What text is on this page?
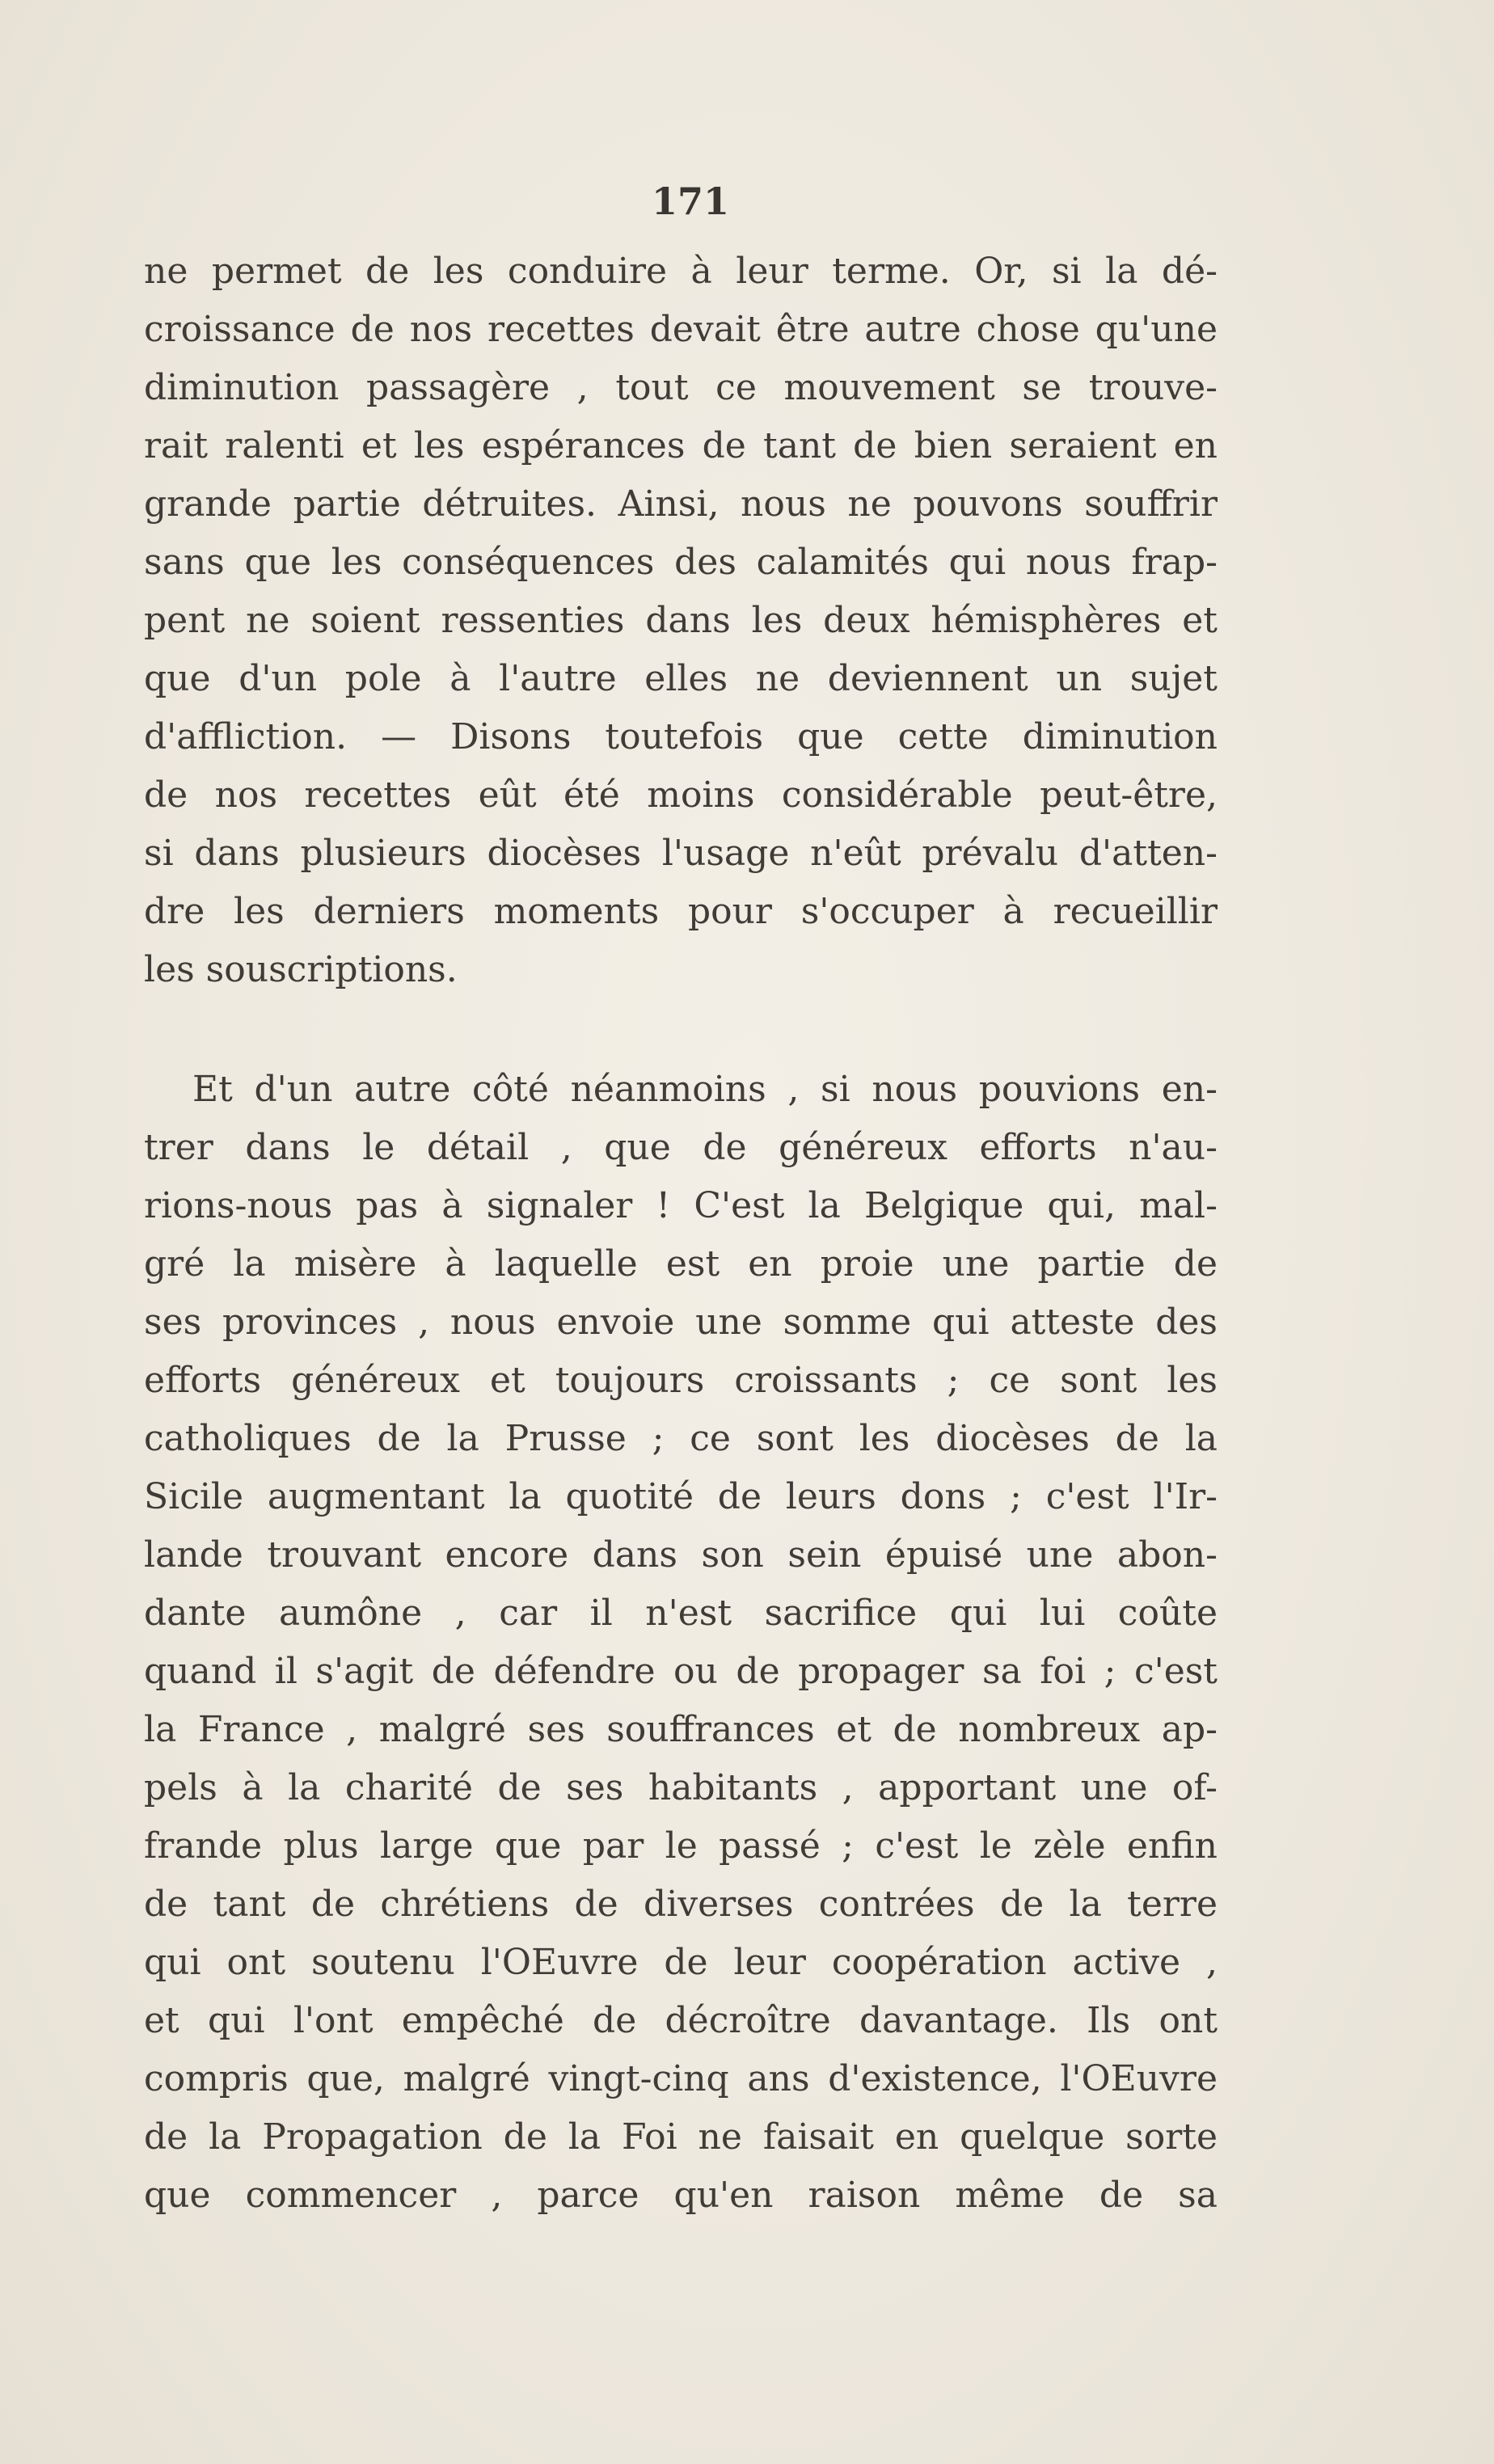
171
ne permet de les conduire à leur terme. Or, si la dé-
croissance de nos recettes devait être autre chose qu'une
diminution passagère , tout ce mouvement se trouve-
rait ralenti et les espérances de tant de bien seraient en
grande partie détruites. Ainsi, nous ne pouvons souffrir
sans que les conséquences des calamités qui nous frap-
pent ne soient ressenties dans les deux hémisphères et
que d'un pole à l'autre elles ne deviennent un sujet
d'affliction. — Disons toutefois que cette diminution
de nos recettes eût été moins considérable peut-être,
si dans plusieurs diocèses l'usage n'eût prévalu d'atten-
dre les derniers moments pour s'occuper à recueillir
les souscriptions.
Et d'un autre côté néanmoins , si nous pouvions en-
trer dans le détail , que de généreux efforts n'au-
rions-nous pas à signaler ! C'est la Belgique qui, mal-
gré la misère à laquelle est en proie une partie de
ses provinces , nous envoie une somme qui atteste des
efforts généreux et toujours croissants ; ce sont les
catholiques de la Prusse ; ce sont les diocèses de la
Sicile augmentant la quotité de leurs dons ; c'est l'Ir-
lande trouvant encore dans son sein épuisé une abon-
dante aumône , car il n'est sacrifice qui lui coûte
quand il s'agit de défendre ou de propager sa foi ; c'est
la France , malgré ses souffrances et de nombreux ap-
pels à la charité de ses habitants , apportant une of-
frande plus large que par le passé ; c'est le zèle enfin
de tant de chrétiens de diverses contrées de la terre
qui ont soutenu l'OEuvre de leur coopération active ,
et qui l'ont empêché de décroître davantage. Ils ont
compris que, malgré vingt-cinq ans d'existence, l'OEuvre
de la Propagation de la Foi ne faisait en quelque sorte
que commencer , parce qu'en raison même de sa
